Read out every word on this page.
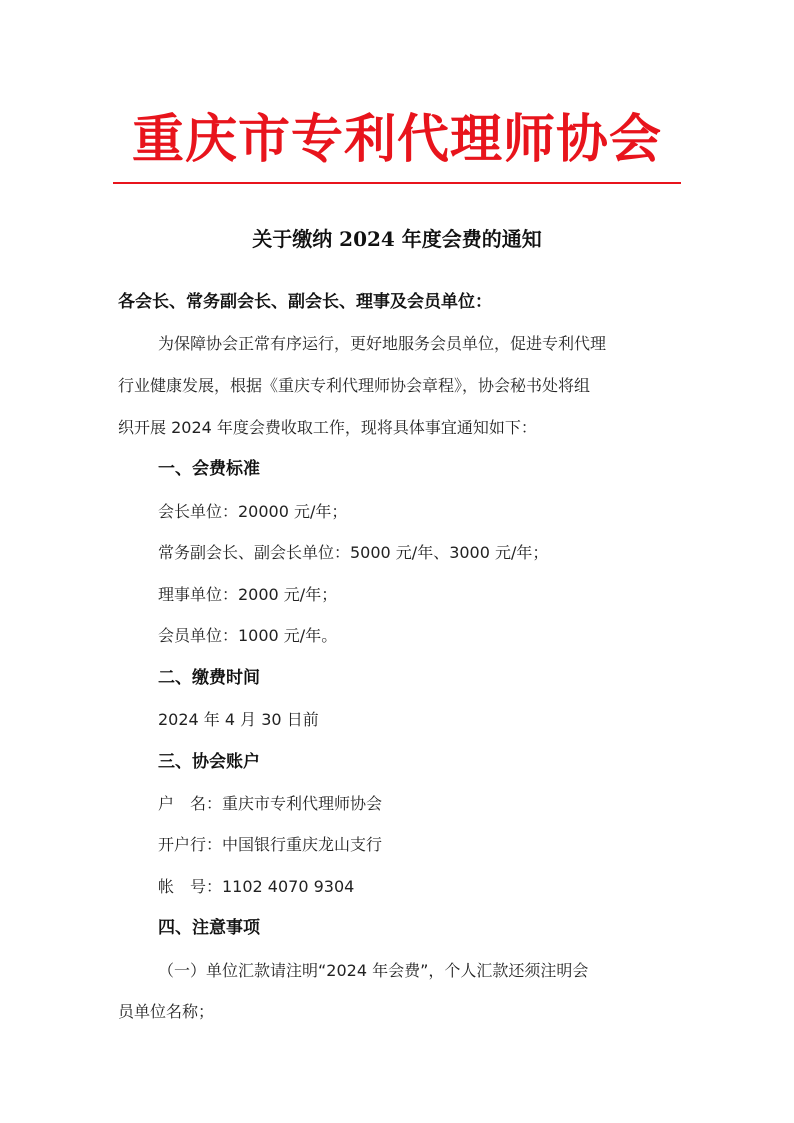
重庆市专利代理师协会
关于缴纳 2024 年度会费的通知
各会长、常务副会长、副会长、理事及会员单位：
为保障协会正常有序运行，更好地服务会员单位，促进专利代理
行业健康发展，根据《重庆专利代理师协会章程》，协会秘书处将组
织开展 2024 年度会费收取工作，现将具体事宜通知如下：
一、会费标准
会长单位：20000 元/年；
常务副会长、副会长单位：5000 元/年、3000 元/年；
理事单位：2000 元/年；
会员单位：1000 元/年。
二、缴费时间
2024 年 4 月 30 日前
三、协会账户
户　名：重庆市专利代理师协会
开户行：中国银行重庆龙山支行
帐　号：1102 4070 9304
四、注意事项
（一）单位汇款请注明“2024 年会费”，个人汇款还须注明会
员单位名称；
